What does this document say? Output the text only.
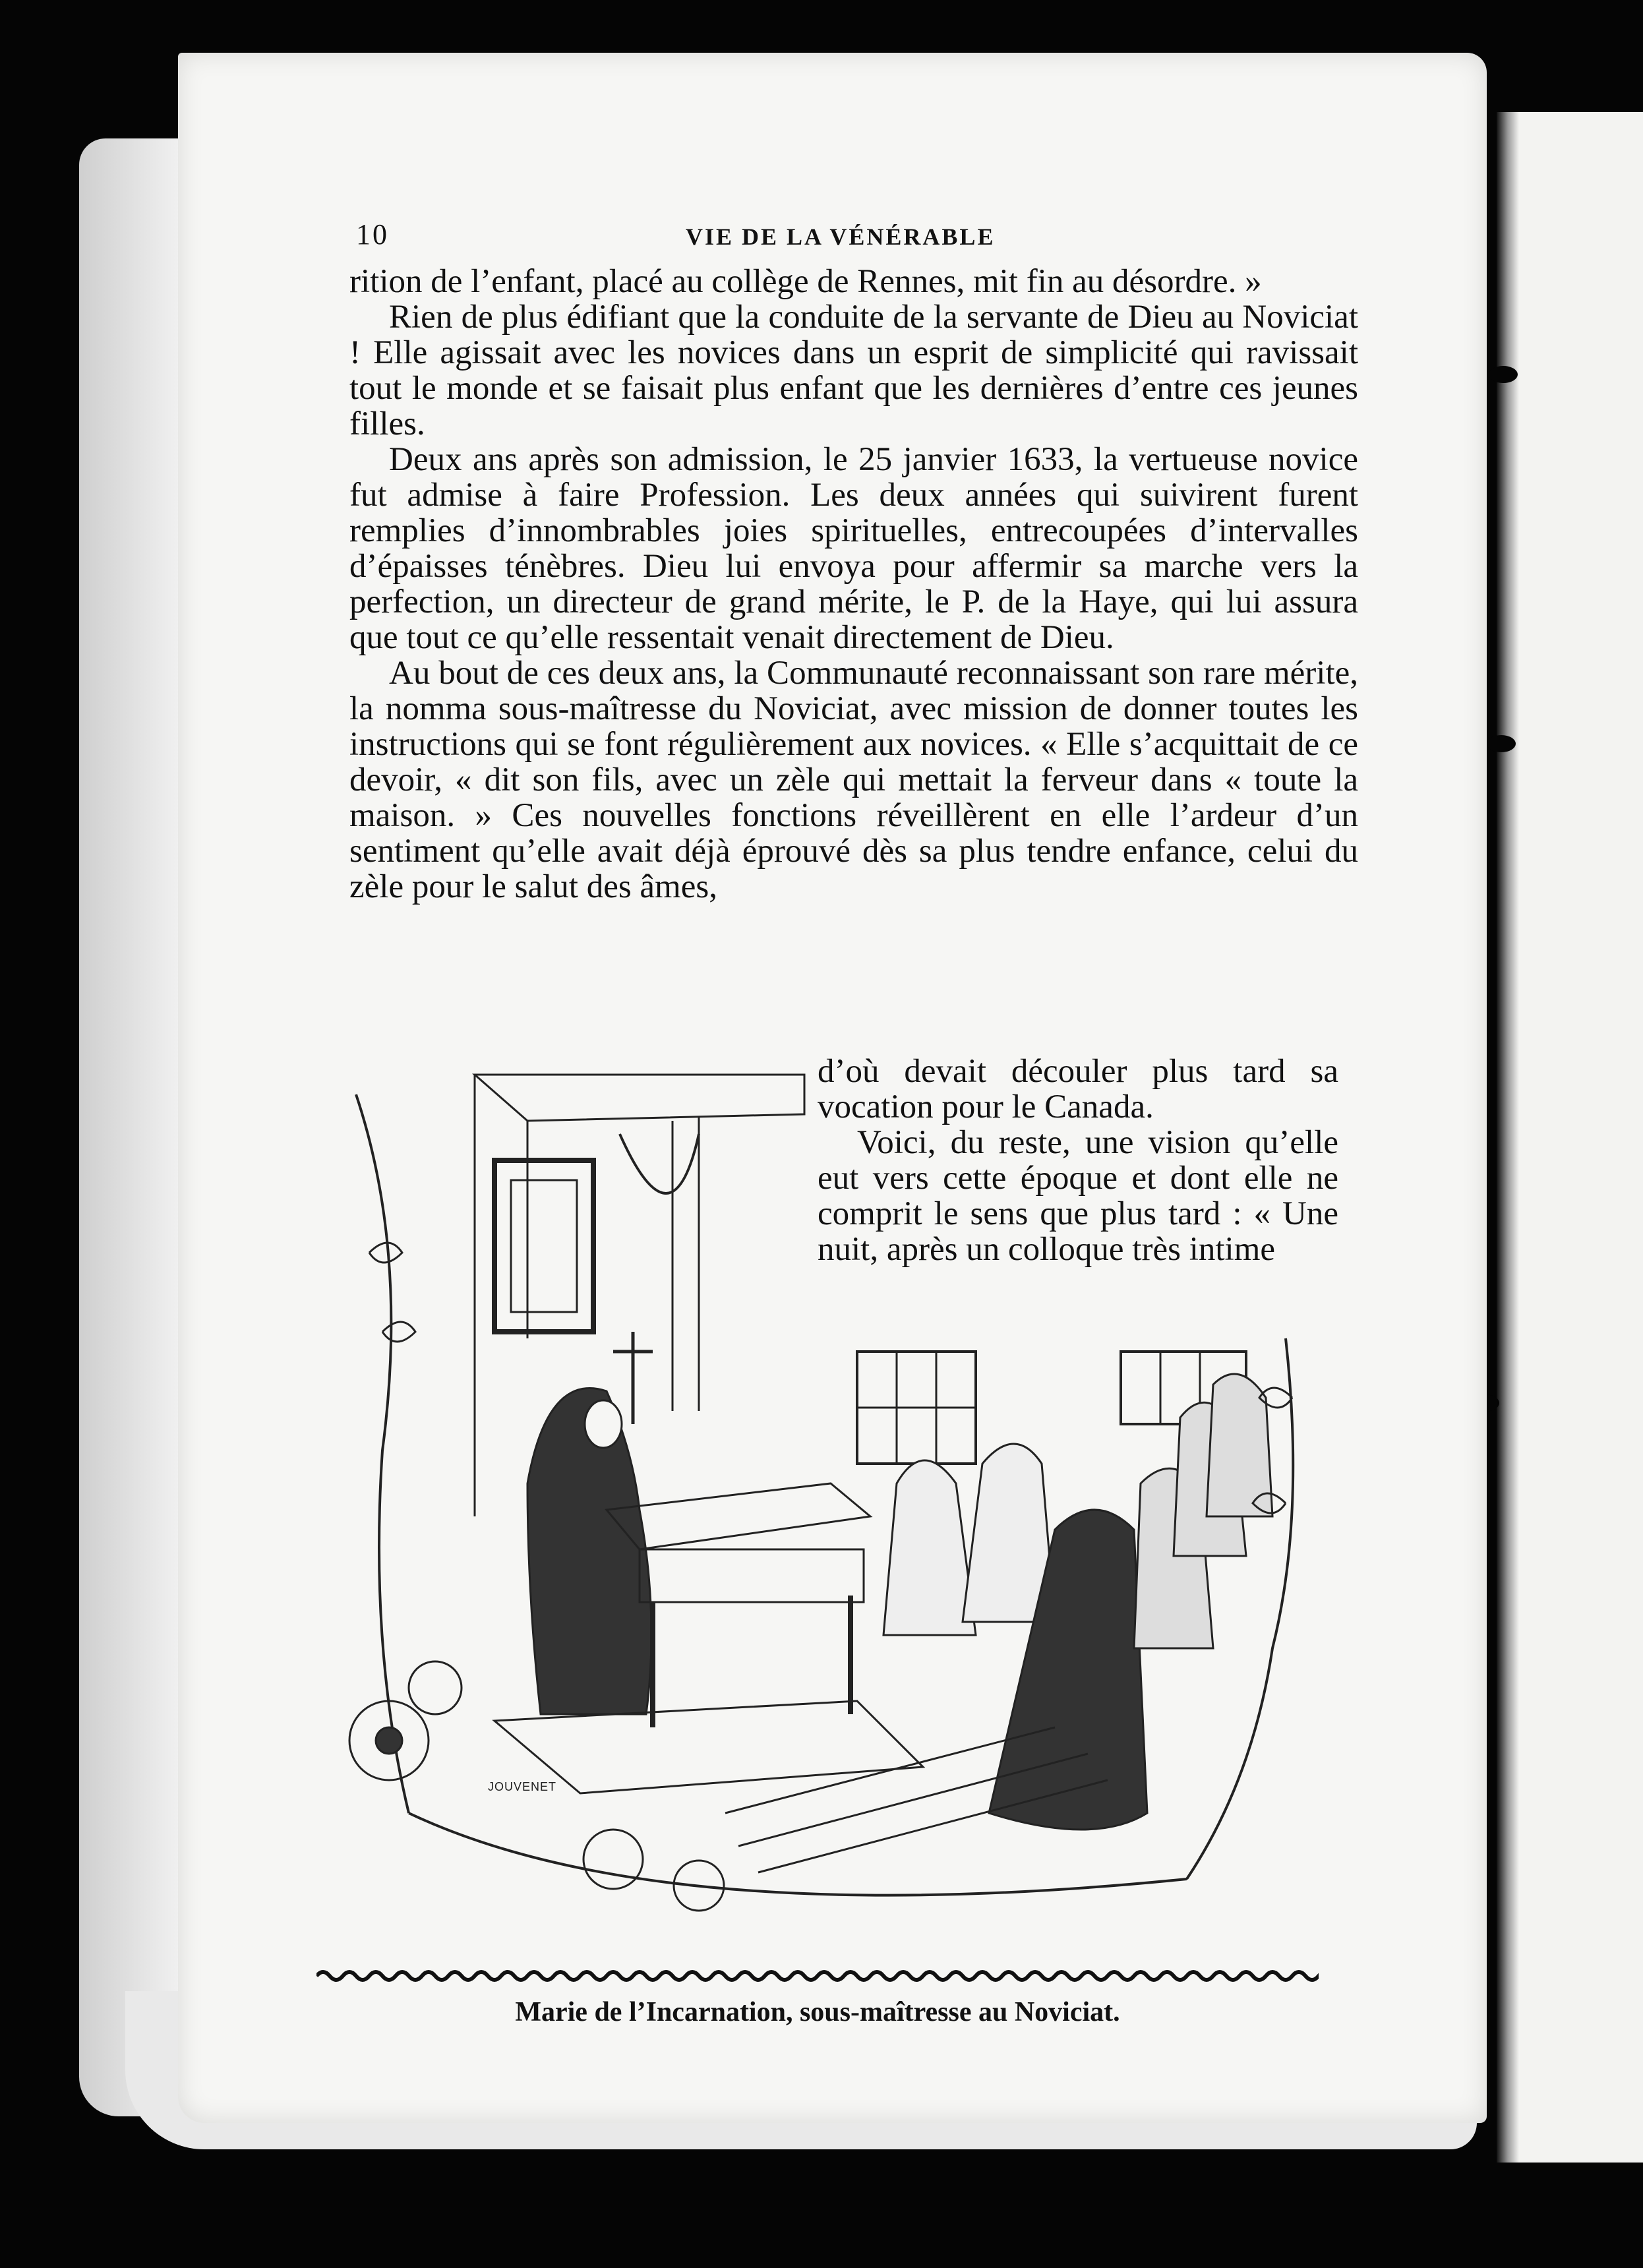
10	VIE DE LA VÉNÉRABLE

rition de l’enfant, placé au collège de Rennes, mit fin au désordre. »

Rien de plus édifiant que la conduite de la servante de Dieu au Noviciat ! Elle agissait avec les novices dans un esprit de simplicité qui ravissait tout le monde et se faisait plus enfant que les dernières d’entre ces jeunes filles.

Deux ans après son admission, le 25 janvier 1633, la vertueuse novice fut admise à faire Profession. Les deux années qui suivirent furent remplies d’innombrables joies spirituelles, entrecoupées d’intervalles d’épaisses ténèbres. Dieu lui envoya pour affermir sa marche vers la perfection, un directeur de grand mérite, le P. de la Haye, qui lui assura que tout ce qu’elle ressentait venait directement de Dieu.

Au bout de ces deux ans, la Communauté reconnaissant son rare mérite, la nomma sous-maîtresse du Noviciat, avec mission de donner toutes les instructions qui se font régulièrement aux novices. « Elle s’acquittait de ce devoir, « dit son fils, avec un zèle qui mettait la ferveur dans « toute la maison. » Ces nouvelles fonctions réveillèrent en elle l’ardeur d’un sentiment qu’elle avait déjà éprouvé dès sa plus tendre enfance, celui du zèle pour le salut des âmes,

d’où devait découler plus tard sa vocation pour le Canada.

Voici, du reste, une vision qu’elle eut vers cette époque et dont elle ne comprit le sens que plus tard : « Une nuit, après un colloque très intime

JOUVENET
Marie de l’Incarnation, sous-maîtresse au Noviciat.
